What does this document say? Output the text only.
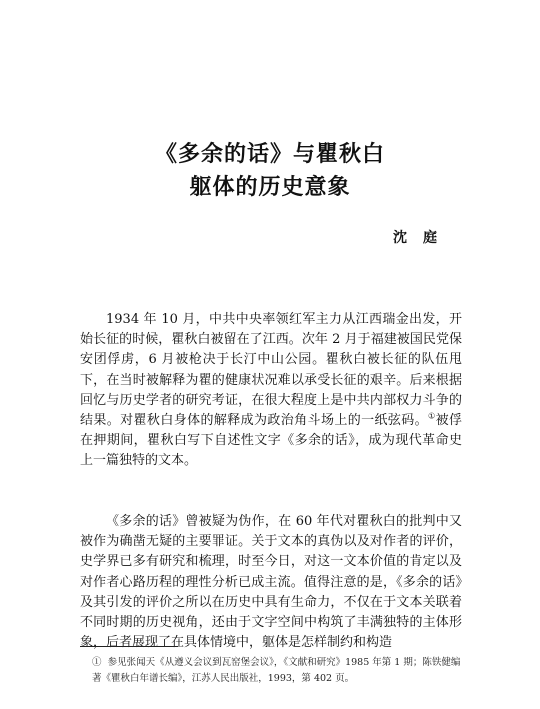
《多余的话》与瞿秋白
躯体的历史意象
沈庭
1934 年 10 月，中共中央率领红军主力从江西瑞金出发，开始长征的时候，瞿秋白被留在了江西。次年 2 月于福建被国民党保安团俘虏，6 月被枪决于长汀中山公园。瞿秋白被长征的队伍甩下，在当时被解释为瞿的健康状况难以承受长征的艰辛。后来根据回忆与历史学者的研究考证，在很大程度上是中共内部权力斗争的结果。对瞿秋白身体的解释成为政治角斗场上的一纸弦码。①被俘在押期间，瞿秋白写下自述性文字《多余的话》，成为现代革命史上一篇独特的文本。
《多余的话》曾被疑为伪作，在 60 年代对瞿秋白的批判中又被作为确凿无疑的主要罪证。关于文本的真伪以及对作者的评价，史学界已多有研究和梳理，时至今日，对这一文本价值的肯定以及对作者心路历程的理性分析已成主流。值得注意的是，《多余的话》及其引发的评价之所以在历史中具有生命力，不仅在于文本关联着不同时期的历史视角，还由于文字空间中构筑了丰满独特的主体形象，后者展现了在具体情境中，躯体是怎样制约和构造
① 参见张闻天《从遵义会议到瓦窑堡会议》，《文献和研究》1985 年第 1 期；陈铁健编著《瞿秋白年谱长编》，江苏人民出版社，1993，第 402 页。
